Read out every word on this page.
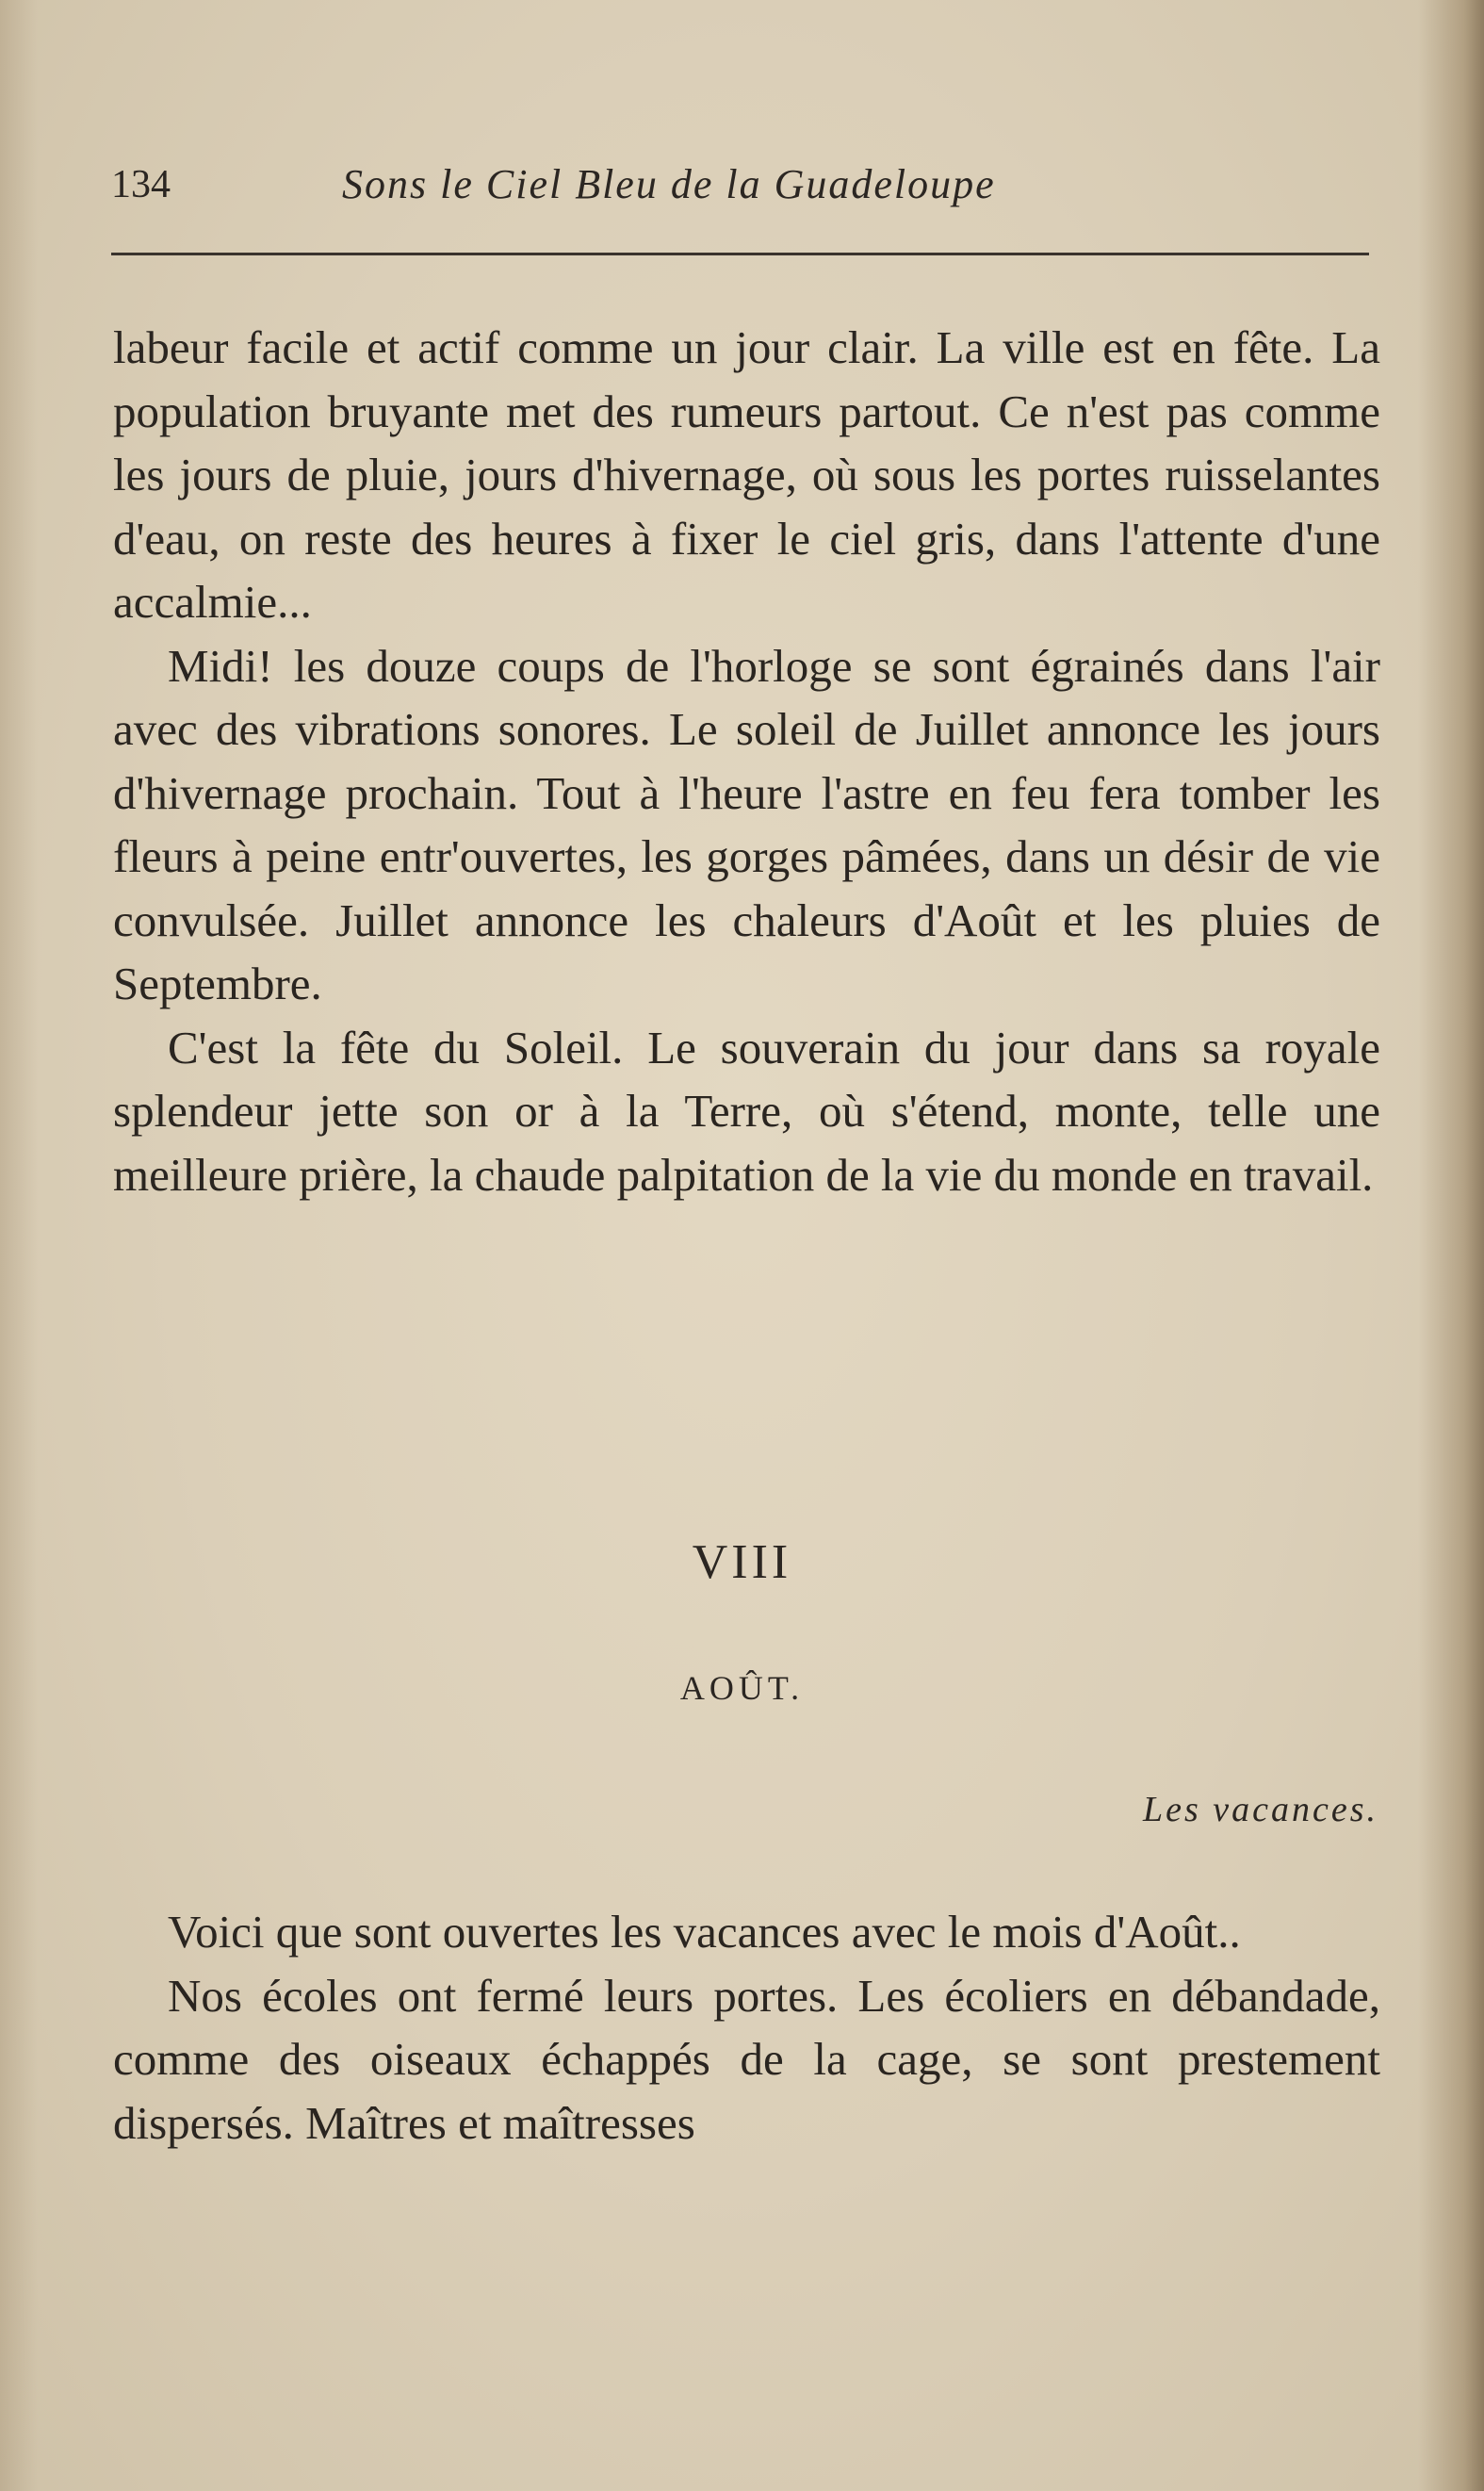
134	Sons le Ciel Bleu de la Guadeloupe

labeur facile et actif comme un jour clair. La ville est en fête. La population bruyante met des rumeurs partout. Ce n'est pas comme les jours de pluie, jours d'hivernage, où sous les portes ruisselantes d'eau, on reste des heures à fixer le ciel gris, dans l'attente d'une accalmie...

Midi! les douze coups de l'horloge se sont égrainés dans l'air avec des vibrations sonores. Le soleil de Juillet annonce les jours d'hivernage prochain. Tout à l'heure l'astre en feu fera tomber les fleurs à peine entr'ouvertes, les gorges pâmées, dans un désir de vie convulsée. Juillet annonce les chaleurs d'Août et les pluies de Septembre.

C'est la fête du Soleil. Le souverain du jour dans sa royale splendeur jette son or à la Terre, où s'étend, monte, telle une meilleure prière, la chaude palpitation de la vie du monde en travail.

VIII
AOÛT.
Les vacances.

Voici que sont ouvertes les vacances avec le mois d'Août..

Nos écoles ont fermé leurs portes. Les écoliers en débandade, comme des oiseaux échappés de la cage, se sont prestement dispersés. Maîtres et maîtresses
